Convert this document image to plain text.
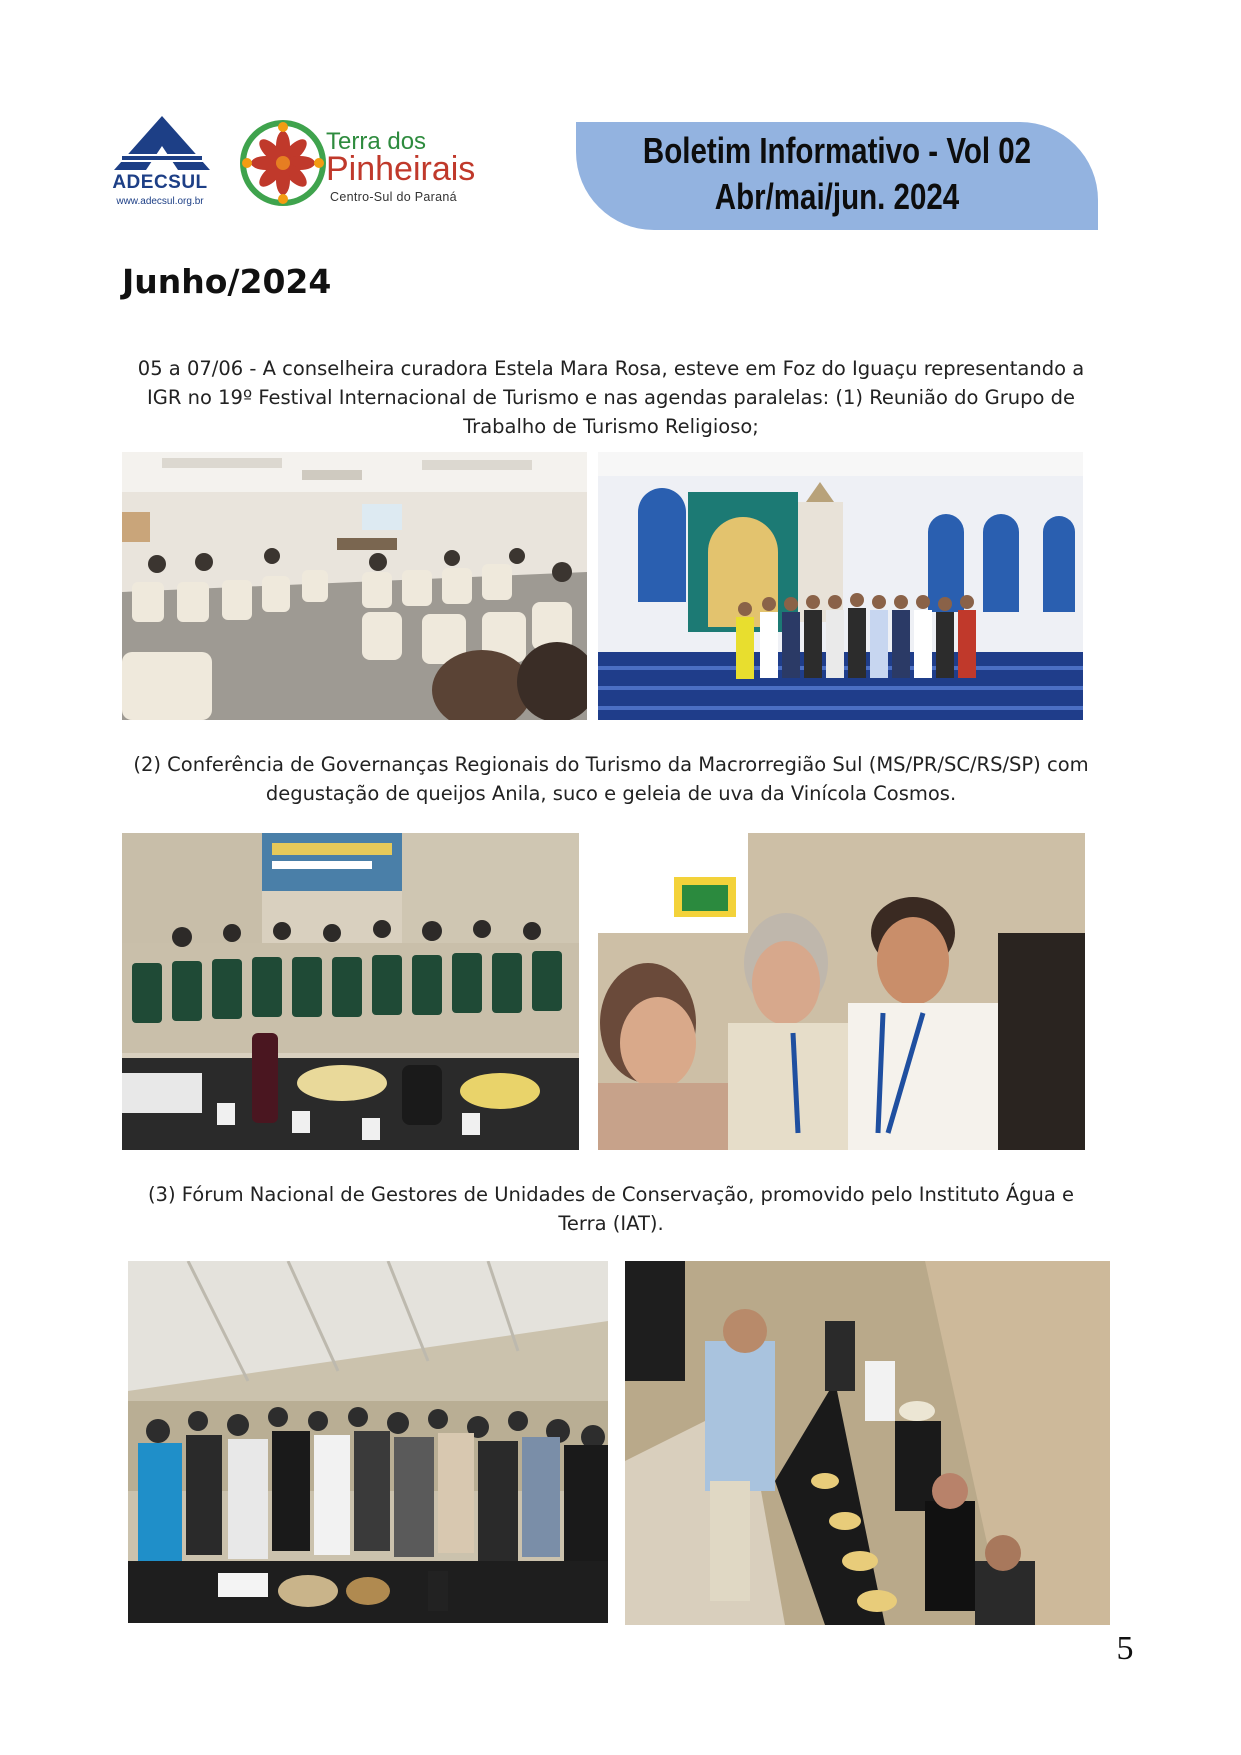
ADECSUL
www.adecsul.org.br
Terra dos
Pinheirais
Centro-Sul do Paraná
Boletim Informativo - Vol 02
Abr/mai/jun. 2024
Junho/2024
05 a 07/06 - A conselheira curadora Estela Mara Rosa, esteve em Foz do Iguaçu representando a IGR no 19º Festival Internacional de Turismo e nas agendas paralelas: (1) Reunião do Grupo de Trabalho de Turismo Religioso;
(2) Conferência de Governanças Regionais do Turismo da Macrorregião Sul (MS/PR/SC/RS/SP) com degustação de queijos Anila, suco e geleia de uva da Vinícola Cosmos.
(3) Fórum Nacional de Gestores de Unidades de Conservação, promovido pelo Instituto Água e Terra (IAT).
5
